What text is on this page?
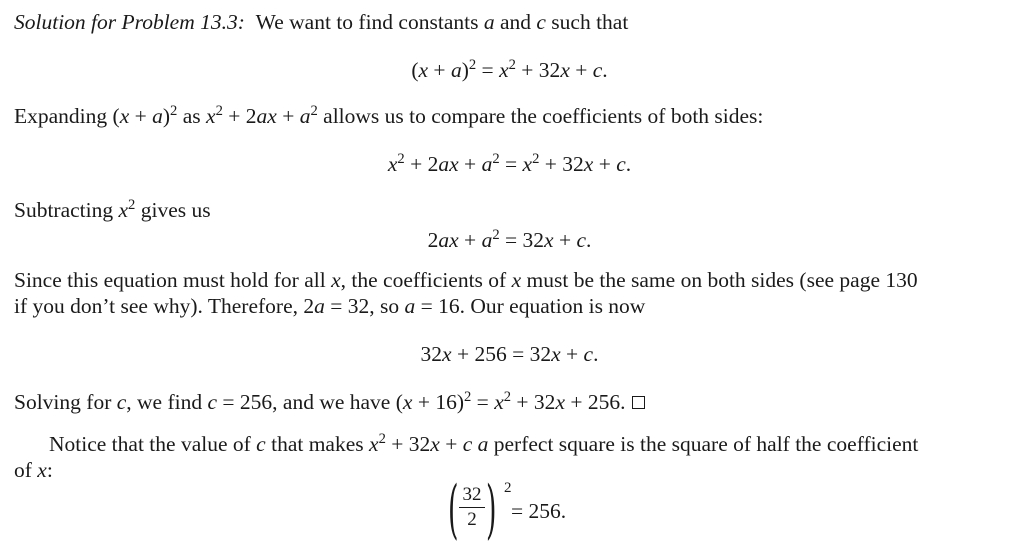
Solution for Problem 13.3:  We want to find constants a and c such that
$(x + a)^2 = x^2 + 32x + c$.
Expanding $(x + a)^2$ as $x^2 + 2ax + a^2$ allows us to compare the coefficients of both sides:
$x^2 + 2ax + a^2 = x^2 + 32x + c$.
Subtracting $x^2$ gives us
$2ax + a^2 = 32x + c$.
Since this equation must hold for all x, the coefficients of x must be the same on both sides (see page 130
if you don’t see why). Therefore, 2a = 32, so a = 16. Our equation is now
32x + 256 = 32x + c.
Solving for c, we find c = 256, and we have $(x + 16)^2 = x^2 + 32x + 256$.
Notice that the value of c that makes $x^2 + 32x + c$ a perfect square is the square of half the coefficient
of x:
( 32
2 ) 2
= 256.
